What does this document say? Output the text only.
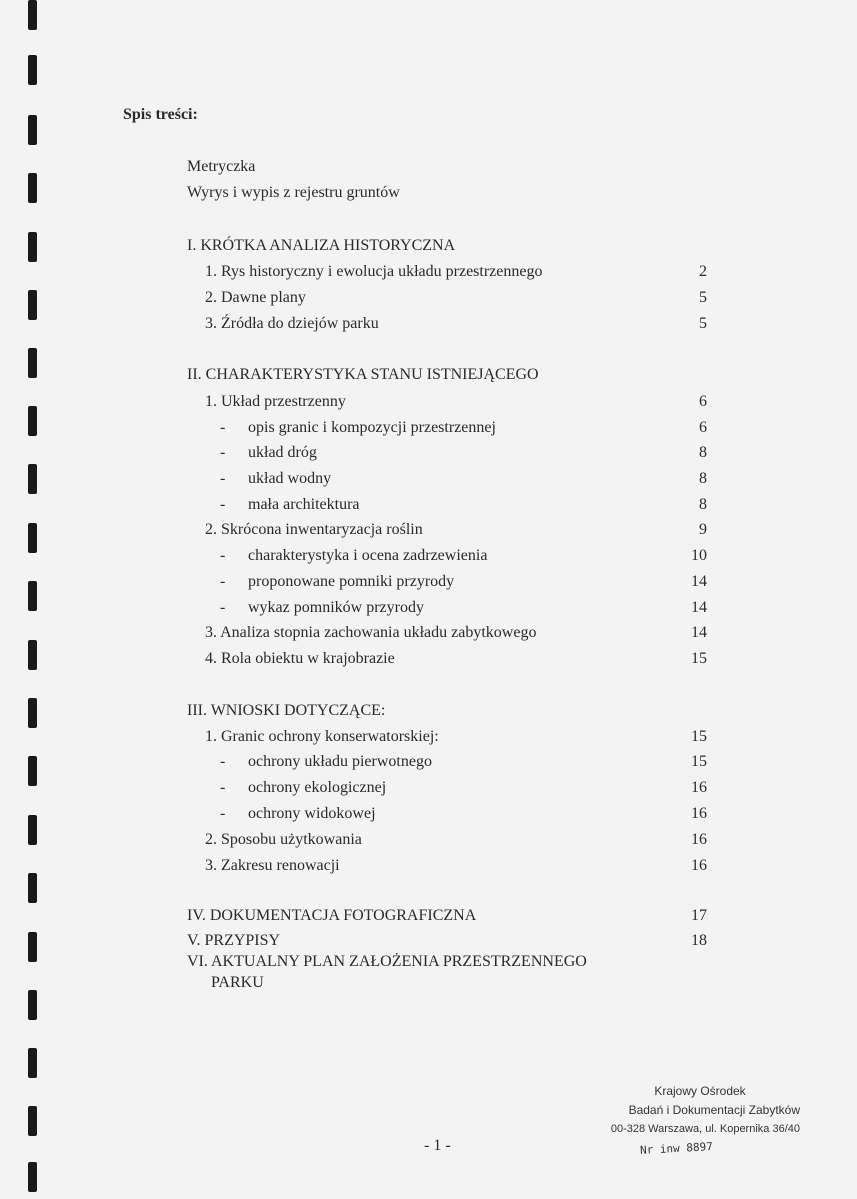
Spis treści:
Metryczka
Wyrys i wypis z rejestru gruntów
I. KRÓTKA ANALIZA HISTORYCZNA
1. Rys historyczny i ewolucja układu przestrzennego	2
2. Dawne plany	5
3. Źródła do dziejów parku	5
II. CHARAKTERYSTYKA STANU ISTNIEJĄCEGO
1. Układ przestrzenny	6
- opis granic i kompozycji przestrzennej	6
- układ dróg	8
- układ wodny	8
- mała architektura	8
2. Skrócona inwentaryzacja roślin	9
- charakterystyka i ocena zadrzewienia	10
- proponowane pomniki przyrody	14
- wykaz pomników przyrody	14
3. Analiza stopnia zachowania układu zabytkowego	14
4. Rola obiektu w krajobrazie	15
III. WNIOSKI DOTYCZĄCE:
1. Granic ochrony konserwatorskiej:	15
- ochrony układu pierwotnego	15
- ochrony ekologicznej	16
- ochrony widokowej	16
2. Sposobu użytkowania	16
3. Zakresu renowacji	16
IV. DOKUMENTACJA FOTOGRAFICZNA	17
V. PRZYPISY	18
VI. AKTUALNY PLAN ZAŁOŻENIA PRZESTRZENNEGO
PARKU
Krajowy Ośrodek
Badań i Dokumentacji Zabytków
00-328 Warszawa, ul. Kopernika 36/40
Nr inw 8897
- 1 -
